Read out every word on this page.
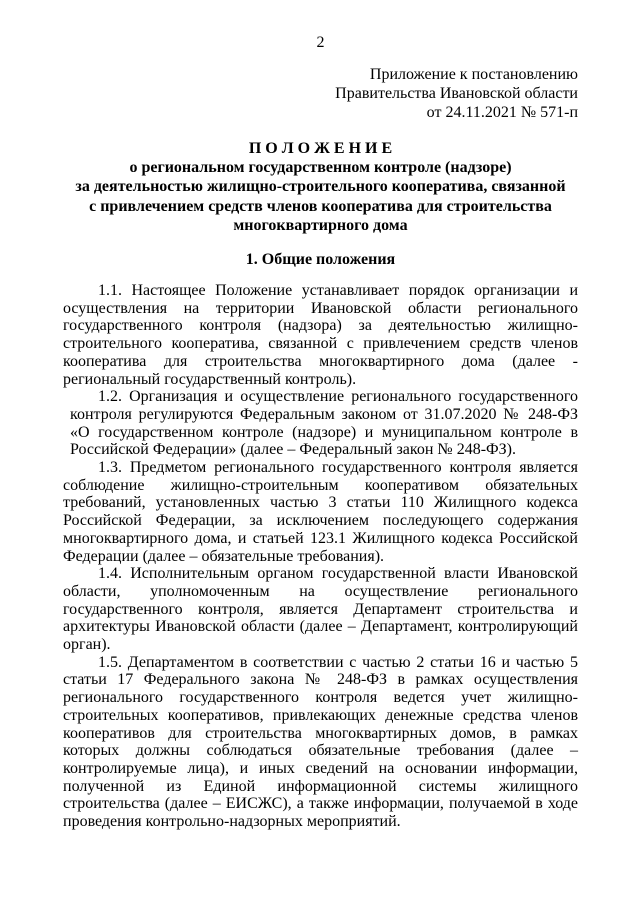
2
Приложение к постановлению
Правительства Ивановской области
от 24.11.2021 № 571-п
П О Л О Ж Е Н И Е
о региональном государственном контроле (надзоре)
за деятельностью жилищно-строительного кооператива, связанной
с привлечением средств членов кооператива для строительства
многоквартирного дома
1. Общие положения

1.1. Настоящее Положение устанавливает порядок организации и осуществления на территории Ивановской области регионального государственного контроля (надзора) за деятельностью жилищно-строительного кооператива, связанной с привлечением средств членов кооператива для строительства многоквартирного дома (далее - региональный государственный контроль).

1.2. Организация и осуществление регионального государственного контроля регулируются Федеральным законом от 31.07.2020 № 248-ФЗ «О государственном контроле (надзоре) и муниципальном контроле в Российской Федерации» (далее – Федеральный закон № 248-ФЗ).

1.3. Предметом регионального государственного контроля является соблюдение жилищно-строительным кооперативом обязательных требований, установленных частью 3 статьи 110 Жилищного кодекса Российской Федерации, за исключением последующего содержания многоквартирного дома, и статьей 123.1 Жилищного кодекса Российской Федерации (далее – обязательные требования).

1.4. Исполнительным органом государственной власти Ивановской области, уполномоченным на осуществление регионального государственного контроля, является Департамент строительства и архитектуры Ивановской области (далее – Департамент, контролирующий орган).

1.5. Департаментом в соответствии с частью 2 статьи 16 и частью 5 статьи 17 Федерального закона № 248-ФЗ в рамках осуществления регионального государственного контроля ведется учет жилищно-строительных кооперативов, привлекающих денежные средства членов кооперативов для строительства многоквартирных домов, в рамках которых должны соблюдаться обязательные требования (далее – контролируемые лица), и иных сведений на основании информации, полученной из Единой информационной системы жилищного строительства (далее – ЕИСЖС), а также информации, получаемой в ходе проведения контрольно-надзорных мероприятий.
